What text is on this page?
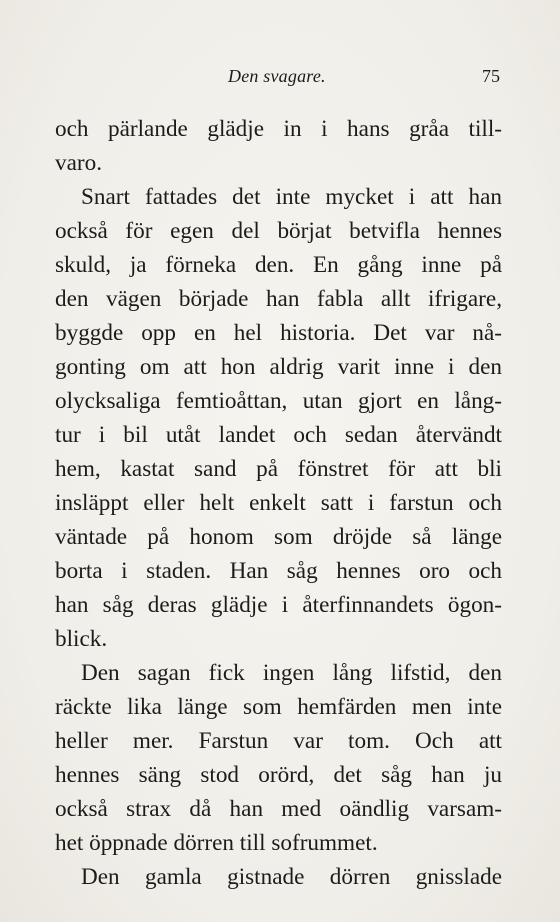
Den svagare.	75
och pärlande glädje in i hans gråa till-
varo.
Snart fattades det inte mycket i att han
också för egen del börjat betvifla hennes
skuld, ja förneka den. En gång inne på
den vägen började han fabla allt ifrigare,
byggde opp en hel historia. Det var nå-
gonting om att hon aldrig varit inne i den
olycksaliga femtioåttan, utan gjort en lång-
tur i bil utåt landet och sedan återvändt
hem, kastat sand på fönstret för att bli
insläppt eller helt enkelt satt i farstun och
väntade på honom som dröjde så länge
borta i staden. Han såg hennes oro och
han såg deras glädje i återfinnandets ögon-
blick.
Den sagan fick ingen lång lifstid, den
räckte lika länge som hemfärden men inte
heller mer. Farstun var tom. Och att
hennes säng stod orörd, det såg han ju
också strax då han med oändlig varsam-
het öppnade dörren till sofrummet.
Den gamla gistnade dörren gnisslade
